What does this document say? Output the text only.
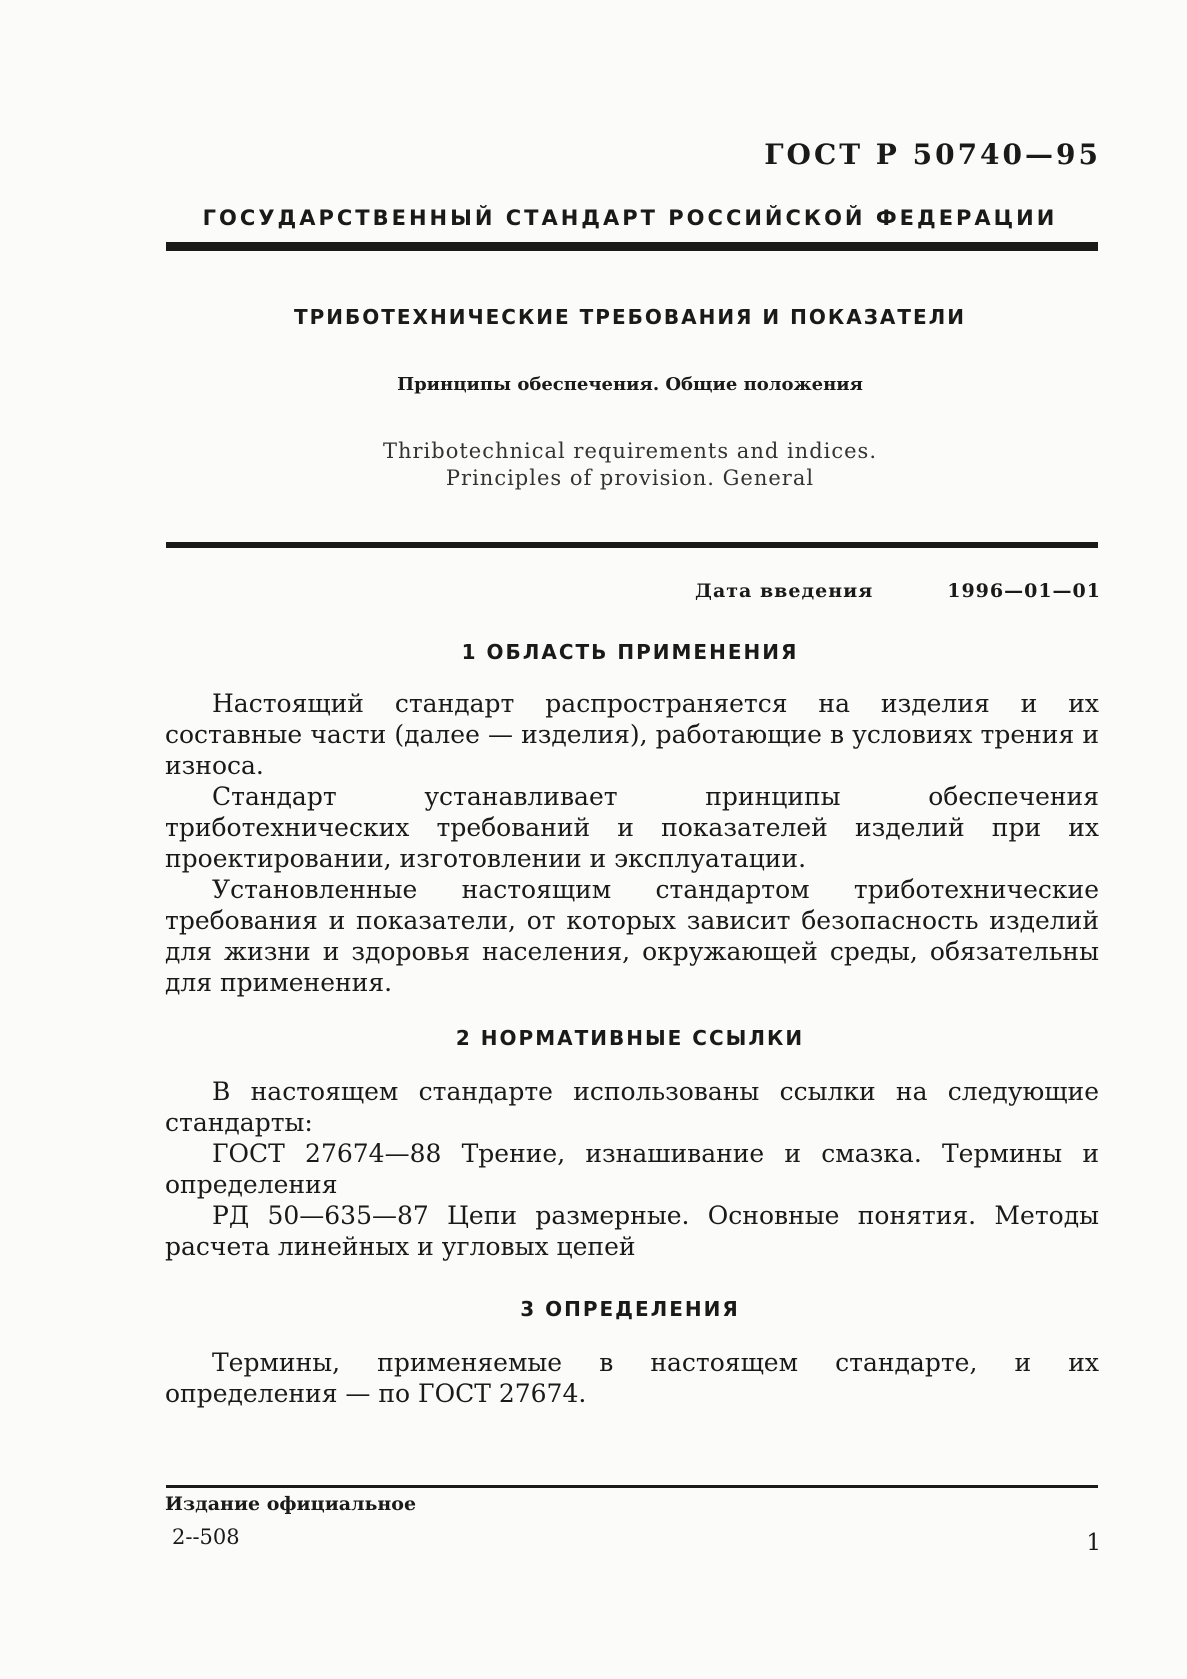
ГОСТ Р 50740—95
ГОСУДАРСТВЕННЫЙ СТАНДАРТ РОССИЙСКОЙ ФЕДЕРАЦИИ
ТРИБОТЕХНИЧЕСКИЕ ТРЕБОВАНИЯ И ПОКАЗАТЕЛИ
Принципы обеспечения. Общие положения
Thribotechnical requirements and indices.
Principles of provision. General
Дата введения	1996—01—01
1 ОБЛАСТЬ ПРИМЕНЕНИЯ

Настоящий стандарт распространяется на изделия и их составные части (далее — изделия), работающие в условиях трения и износа.

Стандарт устанавливает принципы обеспечения триботехнических требований и показателей изделий при их проектировании, изготовлении и эксплуатации.

Установленные настоящим стандартом триботехнические требования и показатели, от которых зависит безопасность изделий для жизни и здоровья населения, окружающей среды, обязательны для применения.

2 НОРМАТИВНЫЕ ССЫЛКИ

В настоящем стандарте использованы ссылки на следующие стандарты:

ГОСТ 27674—88 Трение, изнашивание и смазка. Термины и определения

РД 50—635—87 Цепи размерные. Основные понятия. Методы расчета линейных и угловых цепей

3 ОПРЕДЕЛЕНИЯ

Термины, применяемые в настоящем стандарте, и их определения — по ГОСТ 27674.

Издание официальное
2--508	1
